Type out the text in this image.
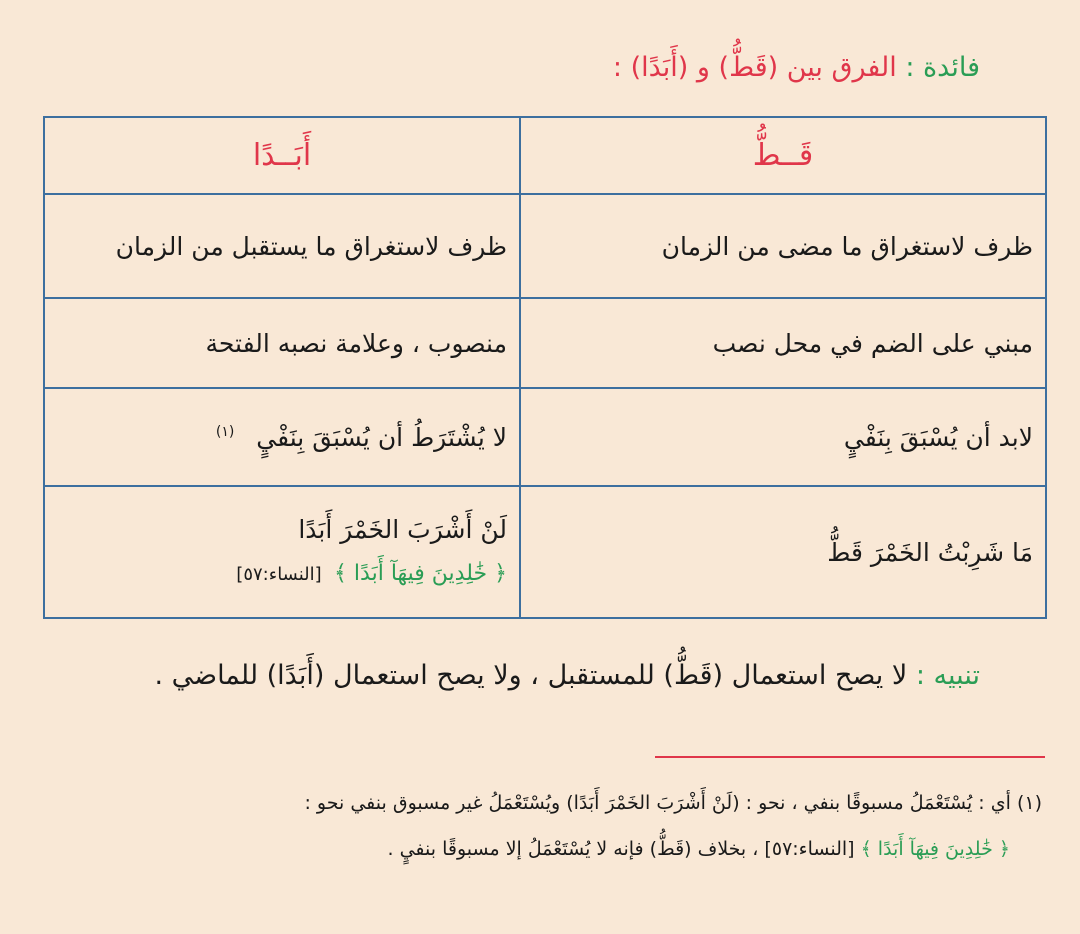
فائدة : الفرق بين (قَطُّ) و (أَبَدًا) :
قَــطُّ	أَبَــدًا
ظرف لاستغراق ما مضى من الزمان	ظرف لاستغراق ما يستقبل من الزمان
مبني على الضم في محل نصب	منصوب ، وعلامة نصبه الفتحة
لابد أن يُسْبَقَ بِنَفْيٍ	لا يُشْتَرَطُ أن يُسْبَقَ بِنَفْيٍ $^{(١)}$
مَا شَرِبْتُ الخَمْرَ قَطُّ	لَنْ أَشْرَبَ الخَمْرَ أَبَدًا
﴿ خَٰلِدِينَ فِيهَآ أَبَدًا ﴾ [النساء:٥٧]
تنبيه : لا يصح استعمال (قَطُّ) للمستقبل ، ولا يصح استعمال (أَبَدًا) للماضي .
(١) أي : يُسْتَعْمَلُ مسبوقًا بنفي ، نحو : (لَنْ أَشْرَبَ الخَمْرَ أَبَدًا) ويُسْتَعْمَلُ غير مسبوق بنفي نحو :
﴿ خَٰلِدِينَ فِيهَآ أَبَدًا ﴾ [النساء:٥٧] ، بخلاف (قَطُّ) فإنه لا يُسْتَعْمَلُ إلا مسبوقًا بنفيٍ .
